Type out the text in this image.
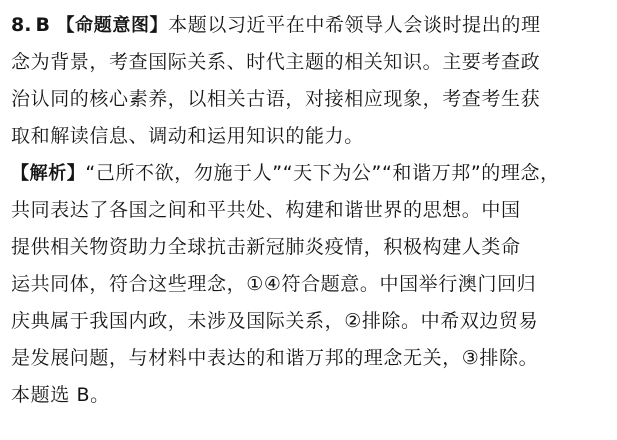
8. B 【命题意图】本题以习近平在中希领导人会谈时提出的理
念为背景，考查国际关系、时代主题的相关知识。主要考查政
治认同的核心素养，以相关古语，对接相应现象，考查考生获
取和解读信息、调动和运用知识的能力。
【解析】“己所不欲，勿施于人”“天下为公”“和谐万邦”的理念，
共同表达了各国之间和平共处、构建和谐世界的思想。中国
提供相关物资助力全球抗击新冠肺炎疫情，积极构建人类命
运共同体，符合这些理念，①④符合题意。中国举行澳门回归
庆典属于我国内政，未涉及国际关系，②排除。中希双边贸易
是发展问题，与材料中表达的和谐万邦的理念无关，③排除。
本题选 B。
